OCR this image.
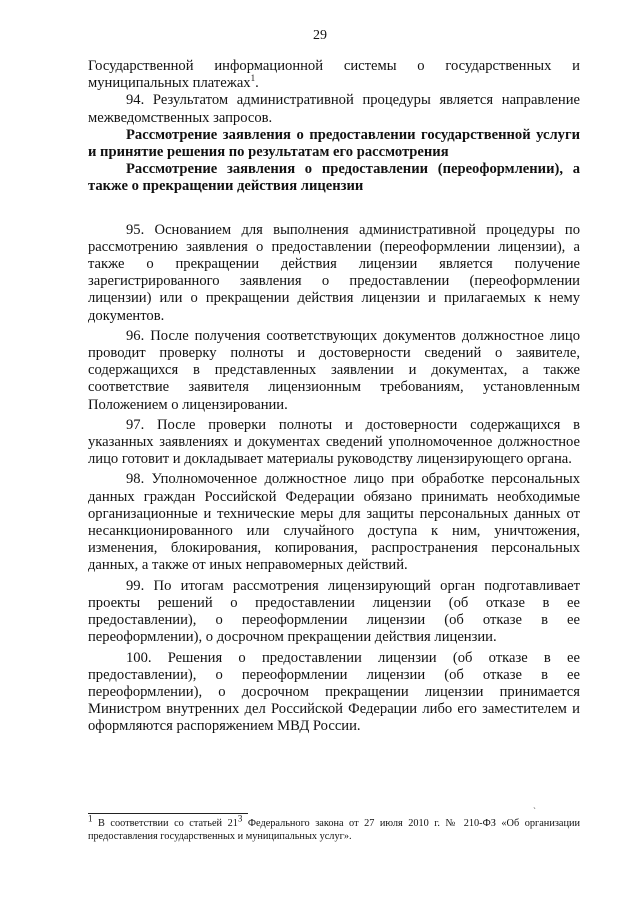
29

Государственной информационной системы о государственных и муниципальных платежах$^1$.

94. Результатом административной процедуры является направление межведомственных запросов.

Рассмотрение заявления о предоставлении государственной услуги и принятие решения по результатам его рассмотрения

Рассмотрение заявления о предоставлении (переоформлении), а также о прекращении действия лицензии

95. Основанием для выполнения административной процедуры по рассмотрению заявления о предоставлении (переоформлении лицензии), а также о прекращении действия лицензии является получение зарегистрированного заявления о предоставлении (переоформлении лицензии) или о прекращении действия лицензии и прилагаемых к нему документов.

96. После получения соответствующих документов должностное лицо проводит проверку полноты и достоверности сведений о заявителе, содержащихся в представленных заявлении и документах, а также соответствие заявителя лицензионным требованиям, установленным Положением о лицензировании.

97. После проверки полноты и достоверности содержащихся в указанных заявлениях и документах сведений уполномоченное должностное лицо готовит и докладывает материалы руководству лицензирующего органа.

98. Уполномоченное должностное лицо при обработке персональных данных граждан Российской Федерации обязано принимать необходимые организационные и технические меры для защиты персональных данных от несанкционированного или случайного доступа к ним, уничтожения, изменения, блокирования, копирования, распространения персональных данных, а также от иных неправомерных действий.

99. По итогам рассмотрения лицензирующий орган подготавливает проекты решений о предоставлении лицензии (об отказе в ее предоставлении), о переоформлении лицензии (об отказе в ее переоформлении), о досрочном прекращении действия лицензии.

100. Решения о предоставлении лицензии (об отказе в ее предоставлении), о переоформлении лицензии (об отказе в ее переоформлении), о досрочном прекращении лицензии принимается Министром внутренних дел Российской Федерации либо его заместителем и оформляются распоряжением МВД России.

ˋ
$^1$ В соответствии со статьей $21^3$ Федерального закона от 27 июля 2010 г. № 210-ФЗ «Об организации предоставления государственных и муниципальных услуг».
